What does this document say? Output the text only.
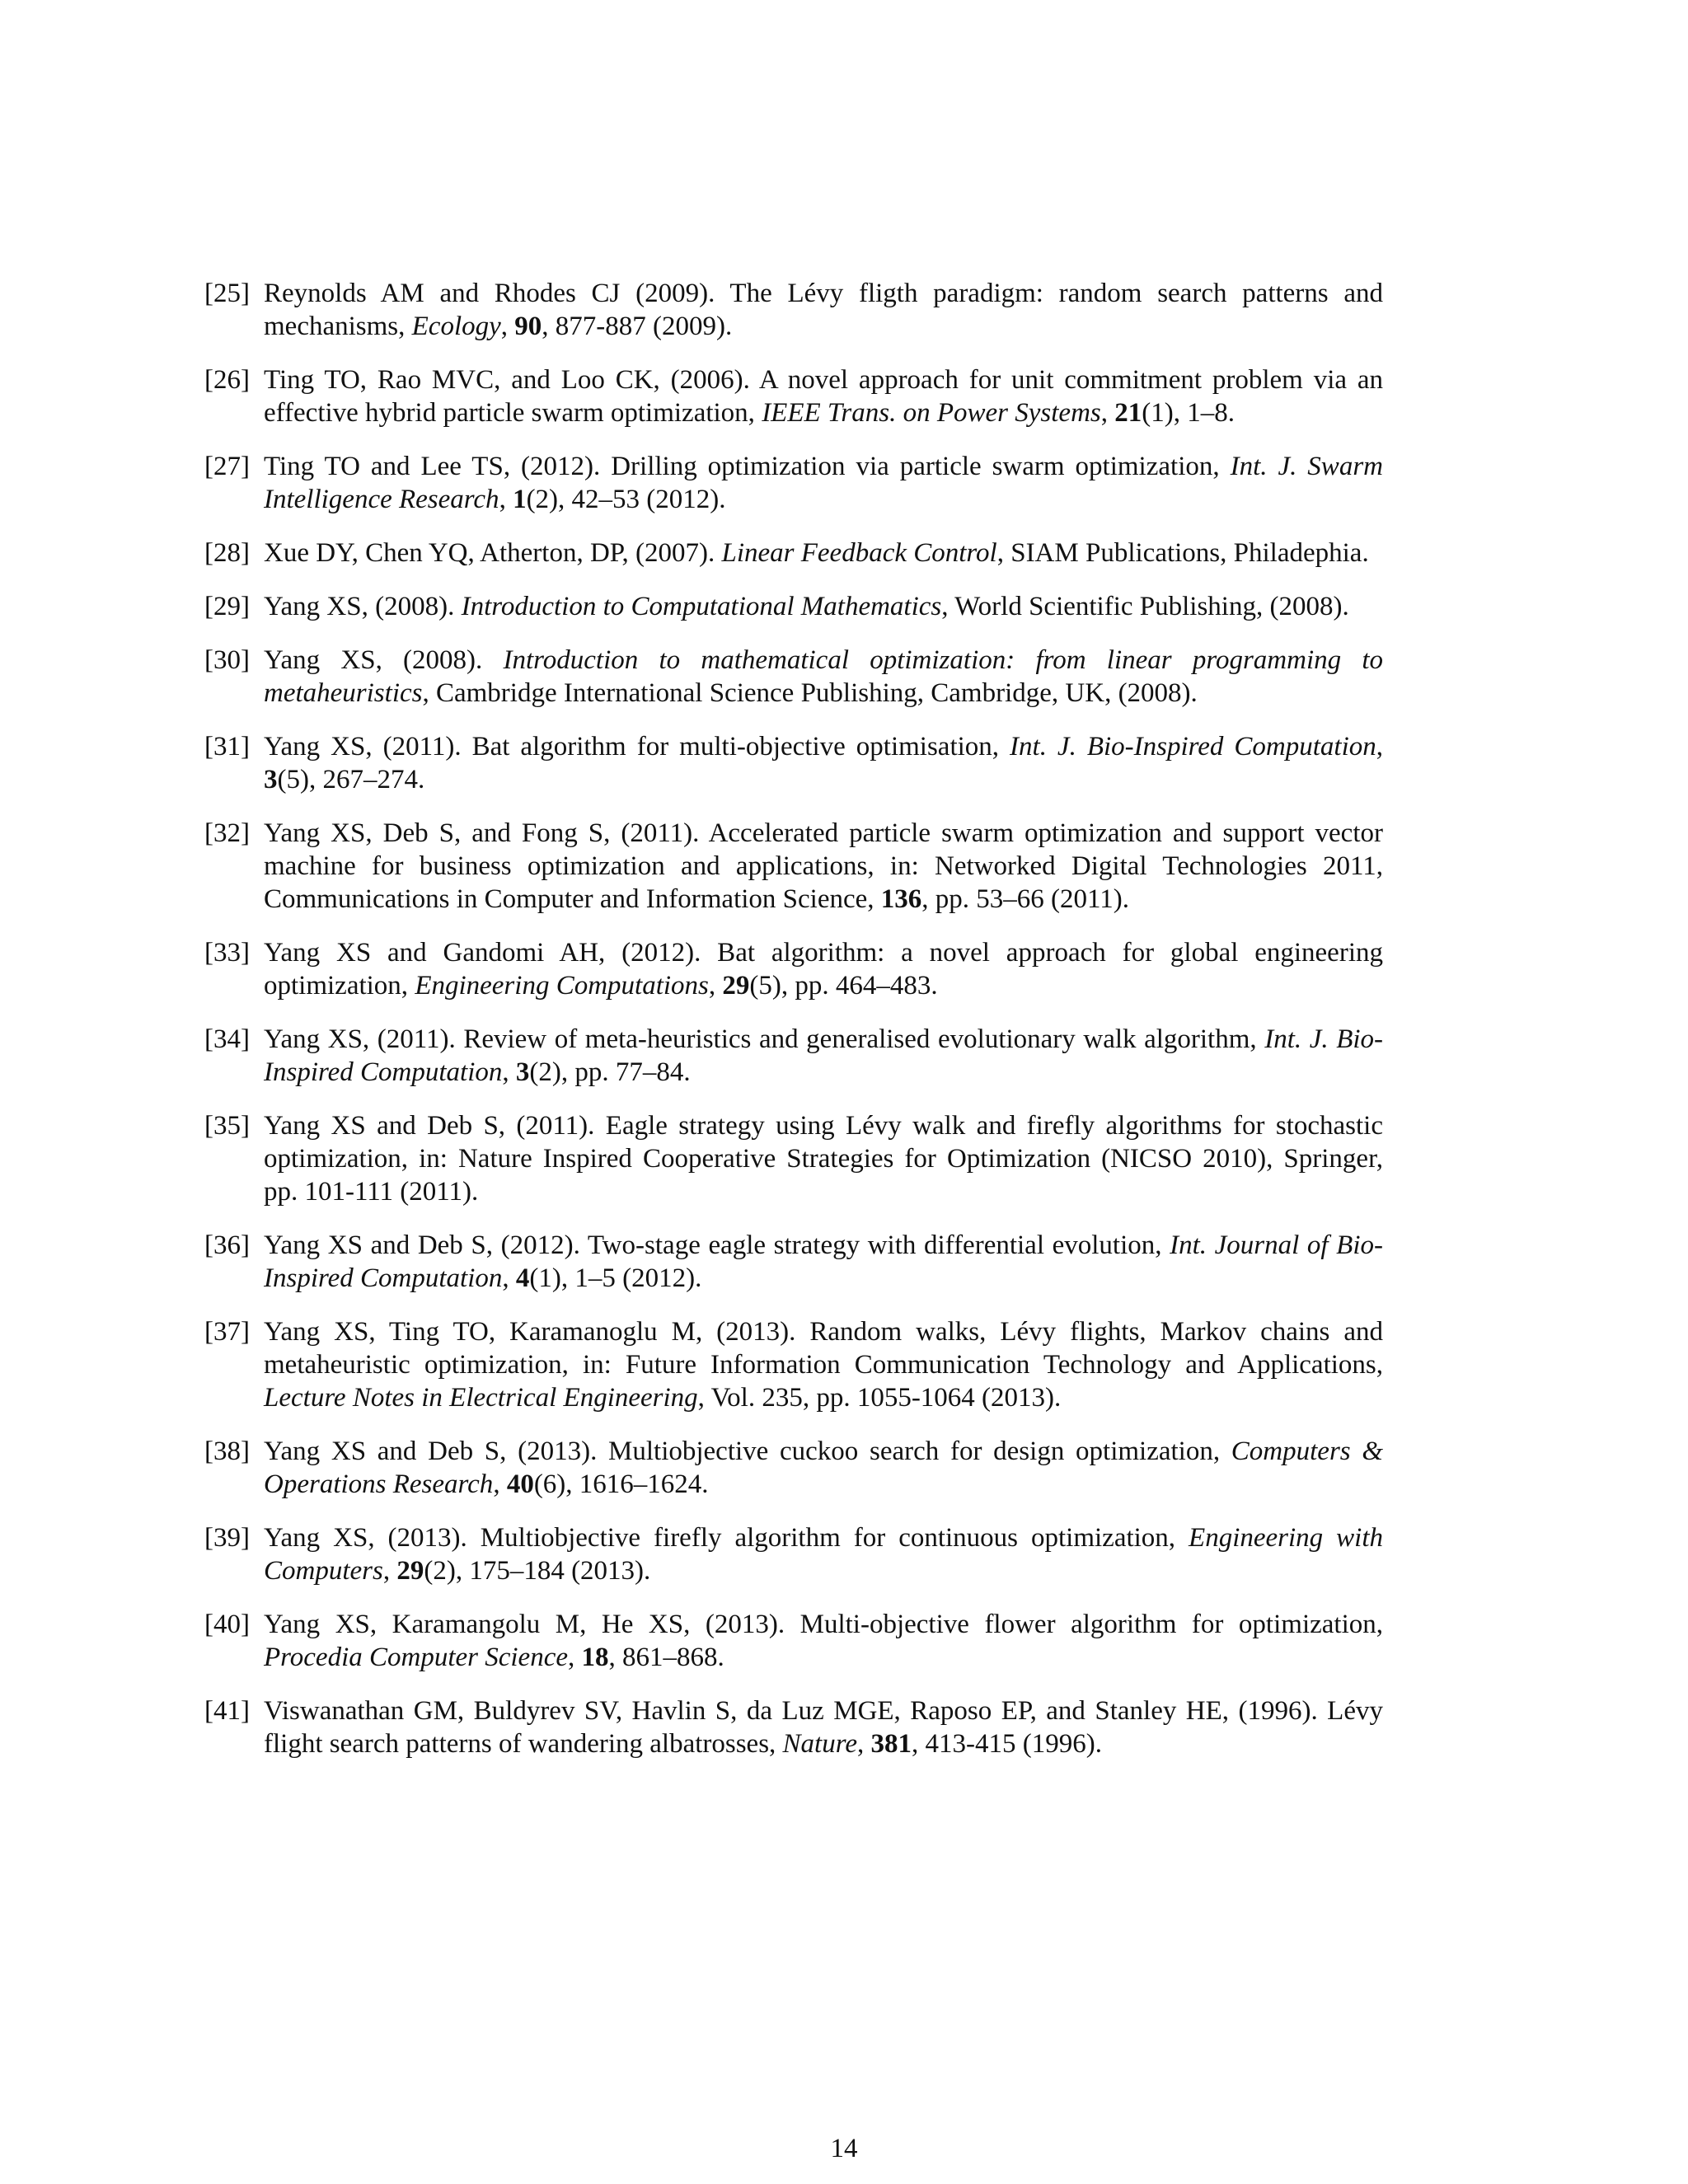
[25] Reynolds AM and Rhodes CJ (2009). The Lévy fligth paradigm: random search patterns and mechanisms, Ecology, 90, 877-887 (2009).
[26] Ting TO, Rao MVC, and Loo CK, (2006). A novel approach for unit commitment problem via an effective hybrid particle swarm optimization, IEEE Trans. on Power Systems, 21(1), 1–8.
[27] Ting TO and Lee TS, (2012). Drilling optimization via particle swarm optimization, Int. J. Swarm Intelligence Research, 1(2), 42–53 (2012).
[28] Xue DY, Chen YQ, Atherton, DP, (2007). Linear Feedback Control, SIAM Publications, Philadephia.
[29] Yang XS, (2008). Introduction to Computational Mathematics, World Scientific Publishing, (2008).
[30] Yang XS, (2008). Introduction to mathematical optimization: from linear programming to metaheuristics, Cambridge International Science Publishing, Cambridge, UK, (2008).
[31] Yang XS, (2011). Bat algorithm for multi-objective optimisation, Int. J. Bio-Inspired Computation, 3(5), 267–274.
[32] Yang XS, Deb S, and Fong S, (2011). Accelerated particle swarm optimization and support vector machine for business optimization and applications, in: Networked Digital Technologies 2011, Communications in Computer and Information Science, 136, pp. 53–66 (2011).
[33] Yang XS and Gandomi AH, (2012). Bat algorithm: a novel approach for global engineering optimization, Engineering Computations, 29(5), pp. 464–483.
[34] Yang XS, (2011). Review of meta-heuristics and generalised evolutionary walk algorithm, Int. J. Bio-Inspired Computation, 3(2), pp. 77–84.
[35] Yang XS and Deb S, (2011). Eagle strategy using Lévy walk and firefly algorithms for stochastic optimization, in: Nature Inspired Cooperative Strategies for Optimization (NICSO 2010), Springer, pp. 101-111 (2011).
[36] Yang XS and Deb S, (2012). Two-stage eagle strategy with differential evolution, Int. Journal of Bio-Inspired Computation, 4(1), 1–5 (2012).
[37] Yang XS, Ting TO, Karamanoglu M, (2013). Random walks, Lévy flights, Markov chains and metaheuristic optimization, in: Future Information Communication Technology and Applications, Lecture Notes in Electrical Engineering, Vol. 235, pp. 1055-1064 (2013).
[38] Yang XS and Deb S, (2013). Multiobjective cuckoo search for design optimization, Computers & Operations Research, 40(6), 1616–1624.
[39] Yang XS, (2013). Multiobjective firefly algorithm for continuous optimization, Engineering with Computers, 29(2), 175–184 (2013).
[40] Yang XS, Karamangolu M, He XS, (2013). Multi-objective flower algorithm for optimization, Procedia Computer Science, 18, 861–868.
[41] Viswanathan GM, Buldyrev SV, Havlin S, da Luz MGE, Raposo EP, and Stanley HE, (1996). Lévy flight search patterns of wandering albatrosses, Nature, 381, 413-415 (1996).
14
